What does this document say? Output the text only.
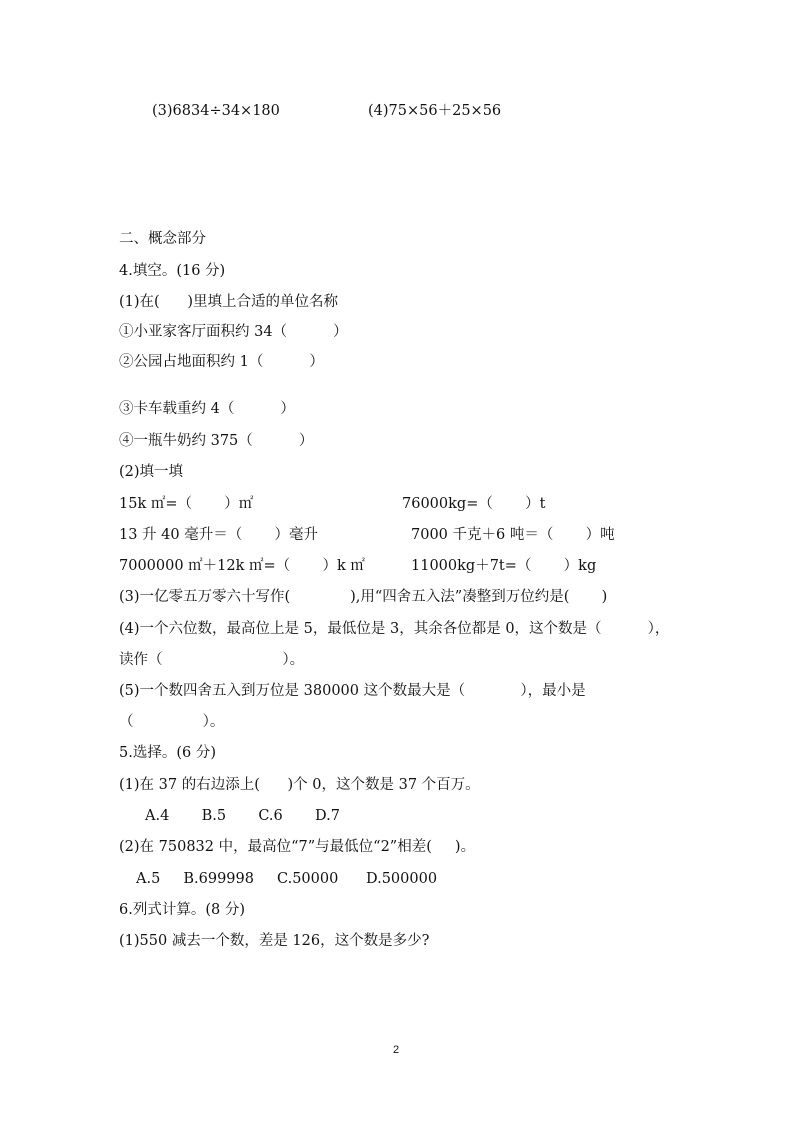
(3)6834÷34×180	(4)75×56＋25×56
二、概念部分
4.填空。(16 分)
(1)在(      )里填上合适的单位名称
①小亚家客厅面积约 34（          ）
②公园占地面积约 1（          ）
③卡车载重约 4（          ）
④一瓶牛奶约 375（          ）
(2)填一填
15k ㎡=（       ）㎡	76000kg=（       ）t
13 升 40 毫升＝（       ）毫升	7000 千克＋6 吨＝（       ）吨
7000000 ㎡＋12k ㎡=（       ）k ㎡	11000kg＋7t=（       ）kg
(3)一亿零五万零六十写作(             ),用“四舍五入法”凑整到万位约是(       )
(4)一个六位数，最高位上是 5，最低位是 3，其余各位都是 0，这个数是（          ），
读作（                          ）。
(5)一个数四舍五入到万位是 380000 这个数最大是（            ），最小是
（               ）。
5.选择。(6 分)
(1)在 37 的右边添上(      )个 0，这个数是 37 个百万。
A.4       B.5       C.6       D.7
(2)在 750832 中，最高位“7”与最低位“2”相差(     )。
A.5     B.699998     C.50000      D.500000
6.列式计算。(8 分)
(1)550 减去一个数，差是 126，这个数是多少?
2
